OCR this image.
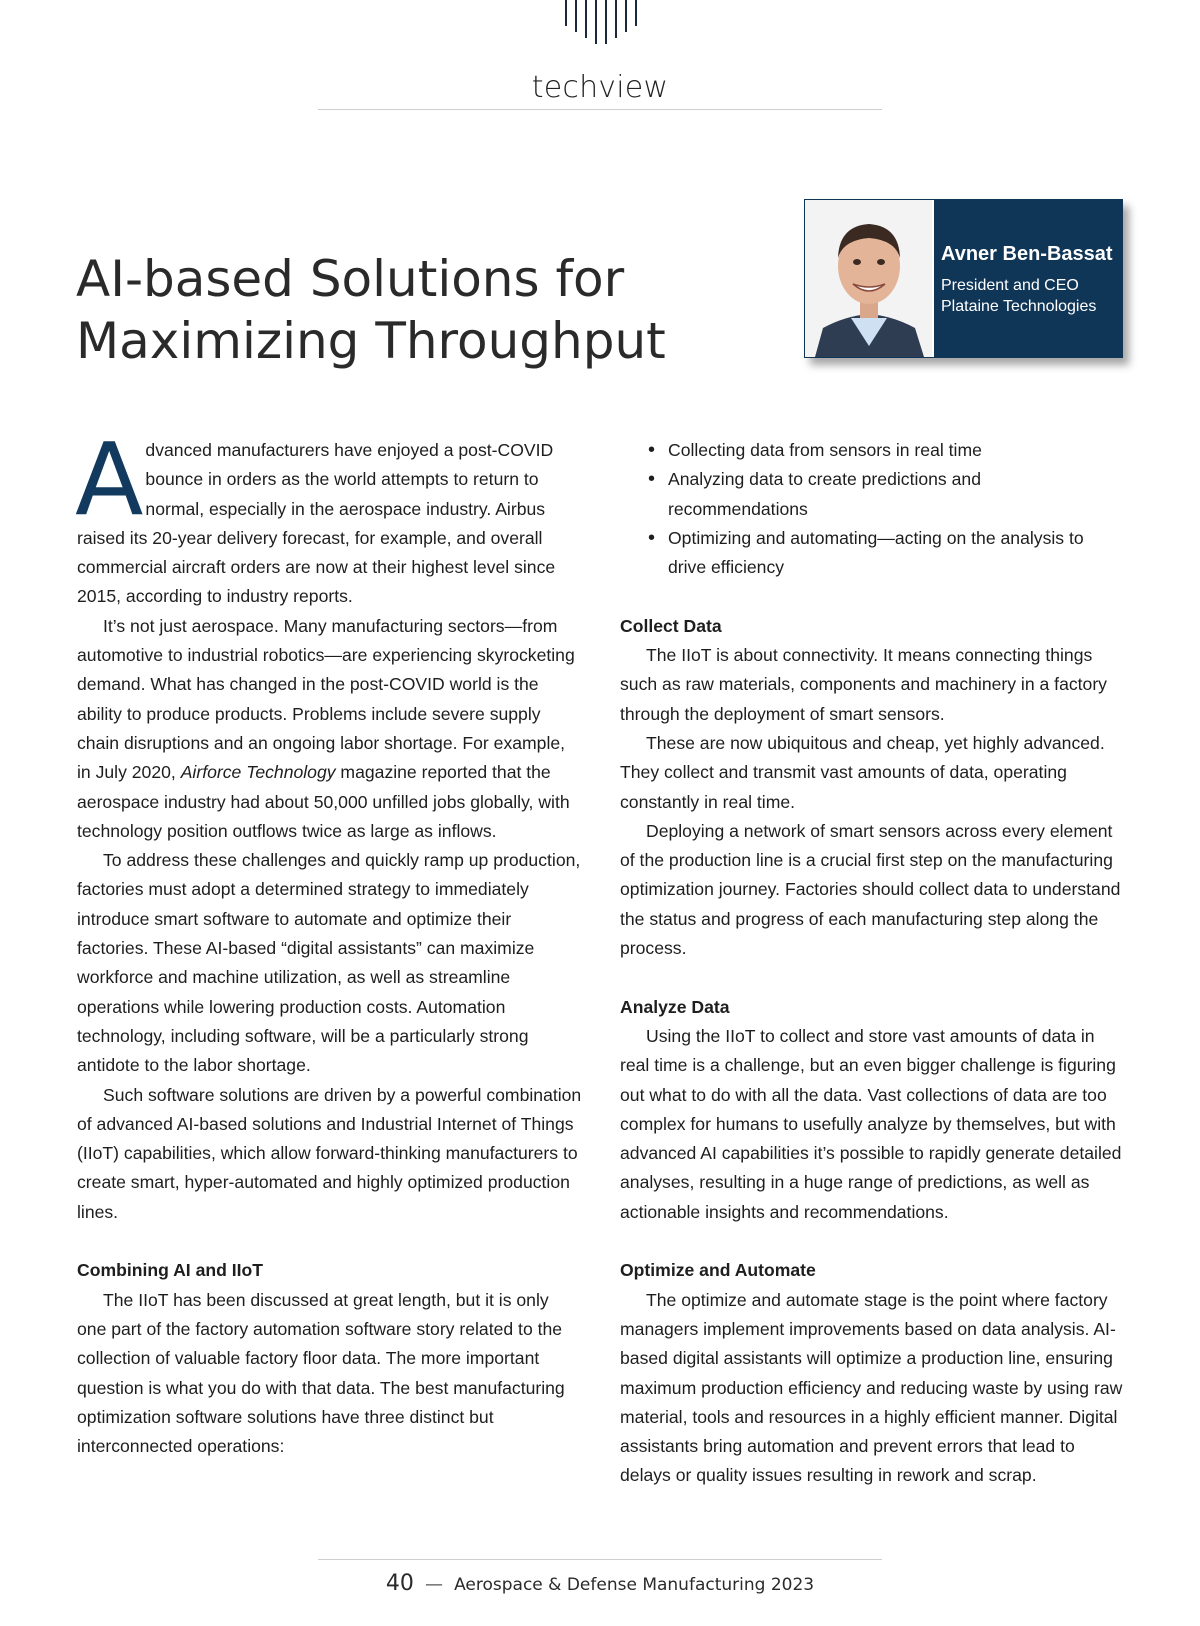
techview
AI-based Solutions for
Maximizing Throughput
Avner Ben-Bassat
President and CEO
Plataine Technologies
A dvanced manufacturers have enjoyed a post-COVID bounce in orders as the world attempts to return to normal, especially in the aerospace industry. Airbus raised its 20-year delivery forecast, for example, and overall commercial aircraft orders are now at their highest level since 2015, according to industry reports.

It’s not just aerospace. Many manufacturing sectors—from automotive to industrial robotics—are experiencing skyrocketing demand. What has changed in the post-COVID world is the ability to produce products. Problems include severe supply chain disruptions and an ongoing labor shortage. For example, in July 2020, Airforce Technology magazine reported that the aerospace industry had about 50,000 unfilled jobs globally, with technology position outflows twice as large as inflows.

To address these challenges and quickly ramp up production, factories must adopt a determined strategy to immediately introduce smart software to automate and optimize their factories. These AI-based “digital assistants” can maximize workforce and machine utilization, as well as streamline operations while lowering production costs. Automation technology, including software, will be a particularly strong antidote to the labor shortage.

Such software solutions are driven by a powerful combination of advanced AI-based solutions and Industrial Internet of Things (IIoT) capabilities, which allow forward-thinking manufacturers to create smart, hyper-automated and highly optimized production lines.

Combining AI and IIoT

The IIoT has been discussed at great length, but it is only one part of the factory automation software story related to the collection of valuable factory floor data. The more important question is what you do with that data. The best manufacturing optimization software solutions have three distinct but interconnected operations:

• Collecting data from sensors in real time
• Analyzing data to create predictions and recommendations
• Optimizing and automating—acting on the analysis to drive efficiency
Collect Data

The IIoT is about connectivity. It means connecting things such as raw materials, components and machinery in a factory through the deployment of smart sensors.

These are now ubiquitous and cheap, yet highly advanced. They collect and transmit vast amounts of data, operating constantly in real time.

Deploying a network of smart sensors across every element of the production line is a crucial first step on the manufacturing optimization journey. Factories should collect data to understand the status and progress of each manufacturing step along the process.

Analyze Data

Using the IIoT to collect and store vast amounts of data in real time is a challenge, but an even bigger challenge is figuring out what to do with all the data. Vast collections of data are too complex for humans to usefully analyze by themselves, but with advanced AI capabilities it’s possible to rapidly generate detailed analyses, resulting in a huge range of predictions, as well as actionable insights and recommendations.

Optimize and Automate

The optimize and automate stage is the point where factory managers implement improvements based on data analysis. AI-based digital assistants will optimize a production line, ensuring maximum production efficiency and reducing waste by using raw material, tools and resources in a highly efficient manner. Digital assistants bring automation and prevent errors that lead to delays or quality issues resulting in rework and scrap.

40 — Aerospace & Defense Manufacturing 2023
